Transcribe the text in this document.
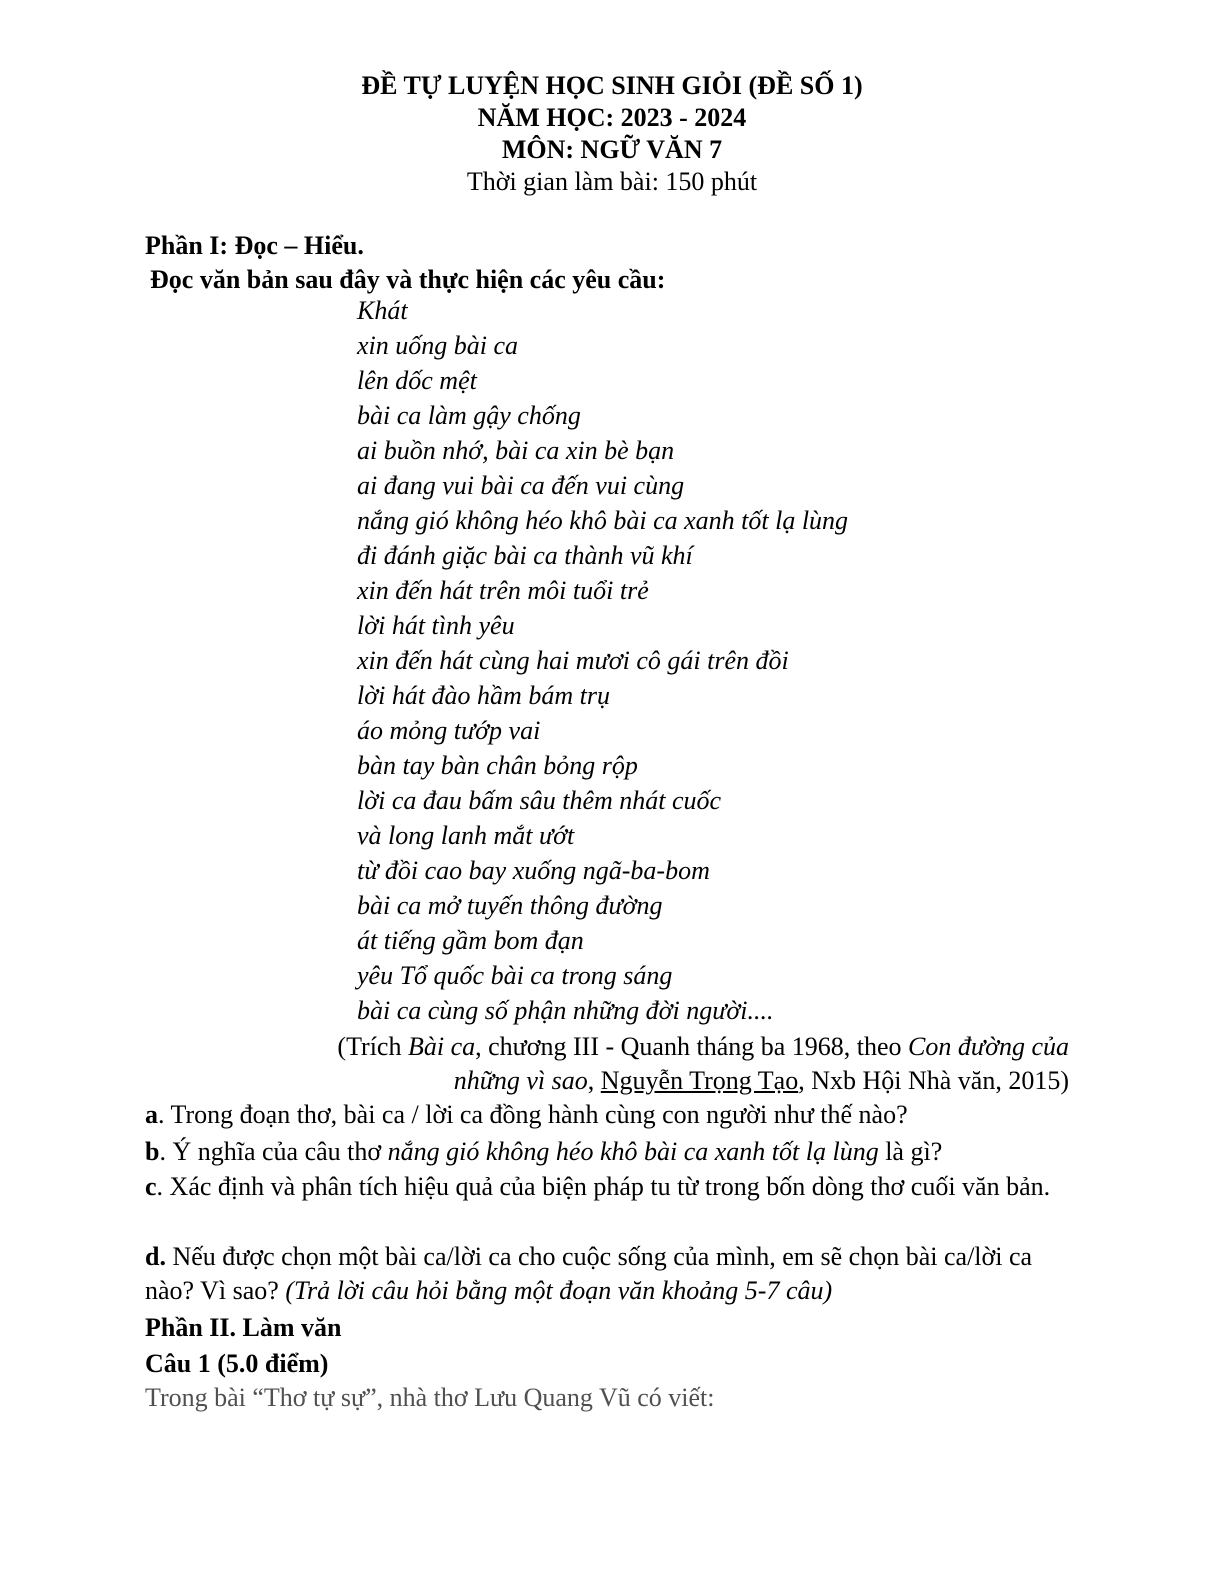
ĐỀ TỰ LUYỆN HỌC SINH GIỎI (ĐỀ SỐ 1)
NĂM HỌC: 2023 - 2024
MÔN: NGỮ VĂN 7
Thời gian làm bài: 150 phút
Phần I: Đọc – Hiểu.
Đọc văn bản sau đây và thực hiện các yêu cầu:
Khát
xin uống bài ca
lên dốc mệt
bài ca làm gậy chống
ai buồn nhớ, bài ca xin bè bạn
ai đang vui bài ca đến vui cùng
nắng gió không héo khô bài ca xanh tốt lạ lùng
đi đánh giặc bài ca thành vũ khí
xin đến hát trên môi tuổi trẻ
lời hát tình yêu
xin đến hát cùng hai mươi cô gái trên đồi
lời hát đào hầm bám trụ
áo mỏng tướp vai
bàn tay bàn chân bỏng rộp
lời ca đau bấm sâu thêm nhát cuốc
và long lanh mắt ướt
từ đồi cao bay xuống ngã-ba-bom
bài ca mở tuyến thông đường
át tiếng gầm bom đạn
yêu Tổ quốc bài ca trong sáng
bài ca cùng số phận những đời người....
(Trích Bài ca, chương III - Quanh tháng ba 1968, theo Con đường của
những vì sao, Nguyễn Trọng Tạo, Nxb Hội Nhà văn, 2015)
a. Trong đoạn thơ, bài ca / lời ca đồng hành cùng con người như thế nào?
b. Ý nghĩa của câu thơ nắng gió không héo khô bài ca xanh tốt lạ lùng là gì?
c. Xác định và phân tích hiệu quả của biện pháp tu từ trong bốn dòng thơ cuối văn bản.
d. Nếu được chọn một bài ca/lời ca cho cuộc sống của mình, em sẽ chọn bài ca/lời ca nào? Vì sao? (Trả lời câu hỏi bằng một đoạn văn khoảng 5-7 câu)
Phần II. Làm văn
Câu 1 (5.0 điểm)
Trong bài “Thơ tự sự”, nhà thơ Lưu Quang Vũ có viết:
